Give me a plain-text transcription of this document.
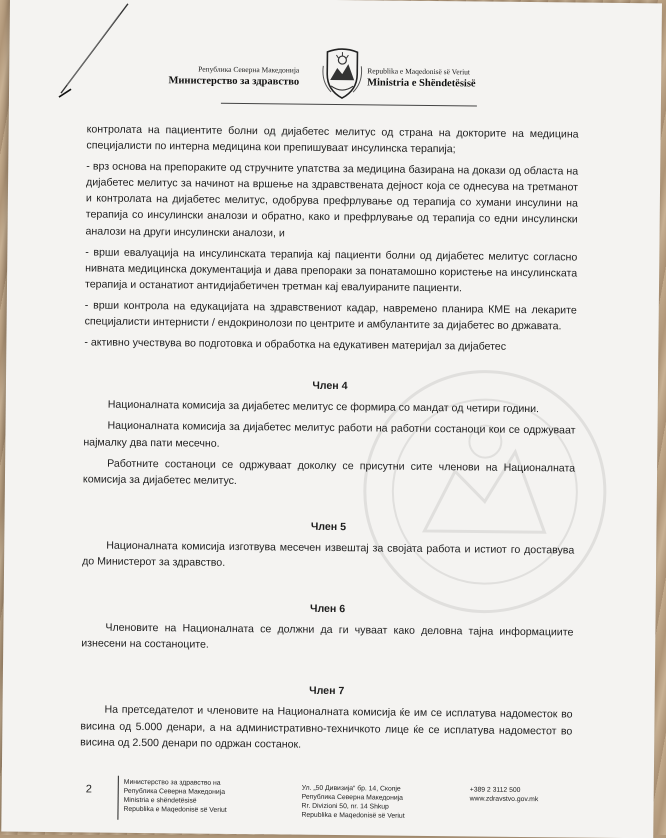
Република Северна Македонија
Министерство за здравство
Republika e Maqedonisë së Veriut
Ministria e Shëndetësisë

контролата на пациентите болни од дијабетес мелитус од страна на докторите на медицина специјалисти по интерна медицина кои препишуваат инсулинска терапија;

- врз основа на препораките од стручните упатства за медицина базирана на докази од областа на дијабетес мелитус за начинот на вршење на здравствената дејност која се однесува на третманот и контролата на дијабетес мелитус, одобрува префрлување од терапија со хумани инсулини на терапија со инсулински аналози и обратно, како и префрлување од терапија со едни инсулински аналози на други инсулински аналози, и

- врши евалуација на инсулинската терапија кај пациенти болни од дијабетес мелитус согласно нивната медицинска документација и дава препораки за понатамошно користење на инсулинската терапија и останатиот антидијабетичен третман кај евалуираните пациенти.

- врши контрола на едукацијата на здравствениот кадар, навремено планира КМЕ на лекарите специјалисти интернисти / ендокринолози по центрите и амбулантите за дијабетес во државата.

- активно учествува во подготовка и обработка на едукативен материјал за дијабетес

Член 4

Националната комисија за дијабетес мелитус се формира со мандат од четири години.

Националната комисија за дијабетес мелитус работи на работни состаноци кои се одржуваат најмалку два пати месечно.

Работните состаноци се одржуваат доколку се присутни сите членови на Националната комисија за дијабетес мелитус.

Член 5

Националната комисија изготвува месечен извештај за својата работа и истиот го доставува до Министерот за здравство.

Член 6

Членовите на Националната се должни да ги чуваат како деловна тајна информациите изнесени на состаноците.

Член 7

На претседателот и членовите на Националната комисија ќе им се исплатува надоместок во висина од 5.000 денари, а на административно-техничкото лице ќе се исплатува надоместот во висина од 2.500 денари по одржан состанок.

2
Министерство за здравство на
Република Северна Македонија
Ministria e shëndetësisë
Republika e Maqedonisë së Veriut
Ул. „50 Дивизија“ бр. 14, Скопје
Република Северна Македонија
Rr. Divizioni 50, nr. 14 Shkup
Republika e Maqedonisë së Veriut
+389 2 3112 500
www.zdravstvo.gov.mk
